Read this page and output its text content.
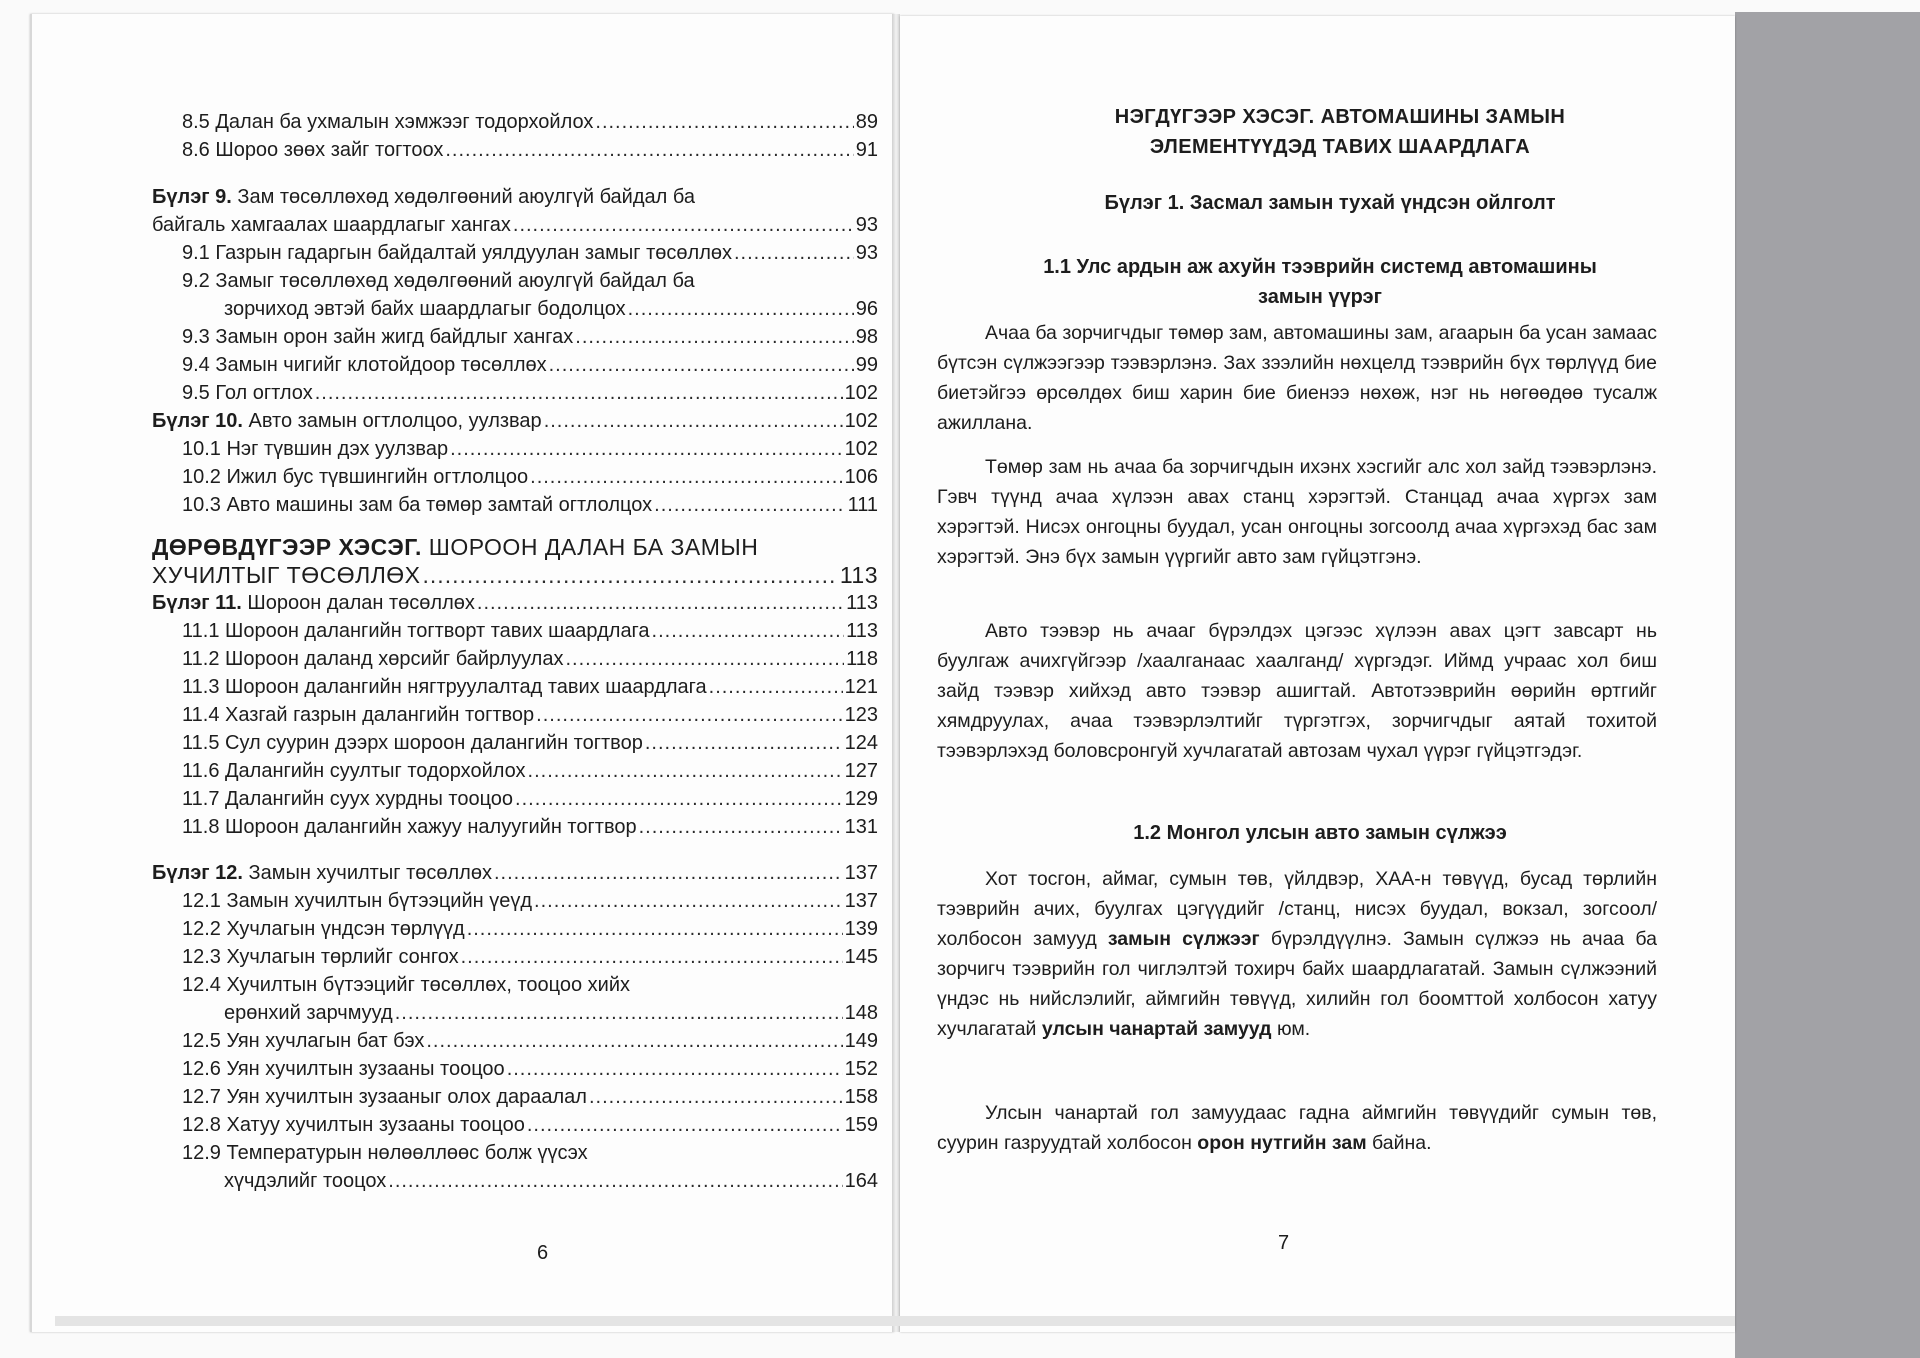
8.5 Далан ба ухмалын хэмжээг тодорхойлох .....	89
8.6 Шороо зөөх зайг тогтоох .....	91
Бүлэг 9. Зам төсөллөхөд хөдөлгөөний аюулгүй байдал ба
байгаль хамгаалах шаардлагыг хангах .....	93
9.1 Газрын гадаргын байдалтай уялдуулан замыг төсөллөх .....	93
9.2 Замыг төсөллөхөд хөдөлгөөний аюулгүй байдал ба
зорчиход эвтэй байх шаардлагыг бодолцох .....	96
9.3 Замын орон зайн жигд байдлыг хангах .....	98
9.4 Замын чигийг клотойдоор төсөллөх .....	99
9.5 Гол огтлох .....	102
Бүлэг 10. Авто замын огтлолцоо, уулзвар .....	102
10.1 Нэг түвшин дэх уулзвар .....	102
10.2 Ижил бус түвшингийн огтлолцоо .....	106
10.3 Авто машины зам ба төмөр замтай огтлолцох .....	111
ДӨРӨВДҮГЭЭР ХЭСЭГ. ШОРООН ДАЛАН БА ЗАМЫН
ХУЧИЛТЫГ ТӨСӨЛЛӨХ .....	113
Бүлэг 11. Шороон далан төсөллөх .....	113
11.1 Шороон далангийн тогтворт тавих шаардлага .....	113
11.2 Шороон даланд хөрсийг байрлуулах .....	118
11.3 Шороон далангийн нягтруулалтад тавих шаардлага .....	121
11.4 Хазгай газрын далангийн тогтвор .....	123
11.5 Сул суурин дээрх шороон далангийн тогтвор .....	124
11.6 Далангийн суултыг тодорхойлох .....	127
11.7 Далангийн суух хурдны тооцоо .....	129
11.8 Шороон далангийн хажуу налуугийн тогтвор .....	131
Бүлэг 12. Замын хучилтыг төсөллөх .....	137
12.1 Замын хучилтын бүтээцийн үеүд .....	137
12.2 Хучлагын үндсэн төрлүүд .....	139
12.3 Хучлагын төрлийг сонгох .....	145
12.4 Хучилтын бүтээцийг төсөллөх, тооцоо хийх
ерөнхий зарчмууд .....	148
12.5 Уян хучлагын бат бэх .....	149
12.6 Уян хучилтын зузааны тооцоо .....	152
12.7 Уян хучилтын зузааныг олох дараалал .....	158
12.8 Хатуу хучилтын зузааны тооцоо .....	159
12.9 Температурын нөлөөллөөс болж үүсэх
хүчдэлийг тооцох .....	164
6
НЭГДҮГЭЭР ХЭСЭГ. АВТОМАШИНЫ ЗАМЫН
ЭЛЕМЕНТҮҮДЭД ТАВИХ ШААРДЛАГА
Бүлэг 1. Засмал замын тухай үндсэн ойлголт
1.1 Улс ардын аж ахуйн тээврийн системд автомашины
замын үүрэг
Ачаа ба зорчигчдыг төмөр зам, автомашины зам, агаарын ба усан замаас бүтсэн сүлжээгээр тээвэрлэнэ. Зах зээлийн нөхцелд тээврийн бүх төрлүүд бие биетэйгээ өрсөлдөх биш харин бие биенээ нөхөж, нэг нь нөгөөдөө тусалж ажиллана.
Төмөр зам нь ачаа ба зорчигчдын ихэнх хэсгийг алс хол зайд тээвэрлэнэ. Гэвч түүнд ачаа хүлээн авах станц хэрэгтэй. Станцад ачаа хүргэх зам хэрэгтэй. Нисэх онгоцны буудал, усан онгоцны зогсоолд ачаа хүргэхэд бас зам хэрэгтэй. Энэ бүх замын үүргийг авто зам гүйцэтгэнэ.
Авто тээвэр нь ачааг бүрэлдэх цэгээс хүлээн авах цэгт завсарт нь буулгаж ачихгүйгээр /хаалганаас хаалганд/ хүргэдэг. Иймд учраас хол биш зайд тээвэр хийхэд авто тээвэр ашигтай. Автотээврийн өөрийн өртгийг хямдруулах, ачаа тээвэрлэлтийг түргэтгэх, зорчигчдыг аятай тохитой тээвэрлэхэд боловсронгуй хучлагатай автозам чухал үүрэг гүйцэтгэдэг.
1.2 Монгол улсын авто замын сүлжээ
Хот тосгон, аймаг, сумын төв, үйлдвэр, ХАА-н төвүүд, бусад төрлийн тээврийн ачих, буулгах цэгүүдийг /станц, нисэх буудал, вокзал, зогсоол/ холбосон замууд замын сүлжээг бүрэлдүүлнэ. Замын сүлжээ нь ачаа ба зорчигч тээврийн гол чиглэлтэй тохирч байх шаардлагатай. Замын сүлжээний үндэс нь нийслэлийг, аймгийн төвүүд, хилийн гол боомттой холбосон хатуу хучлагатай улсын чанартай замууд юм.
Улсын чанартай гол замуудаас гадна аймгийн төвүүдийг сумын төв, суурин газруудтай холбосон орон нутгийн зам байна.
7
